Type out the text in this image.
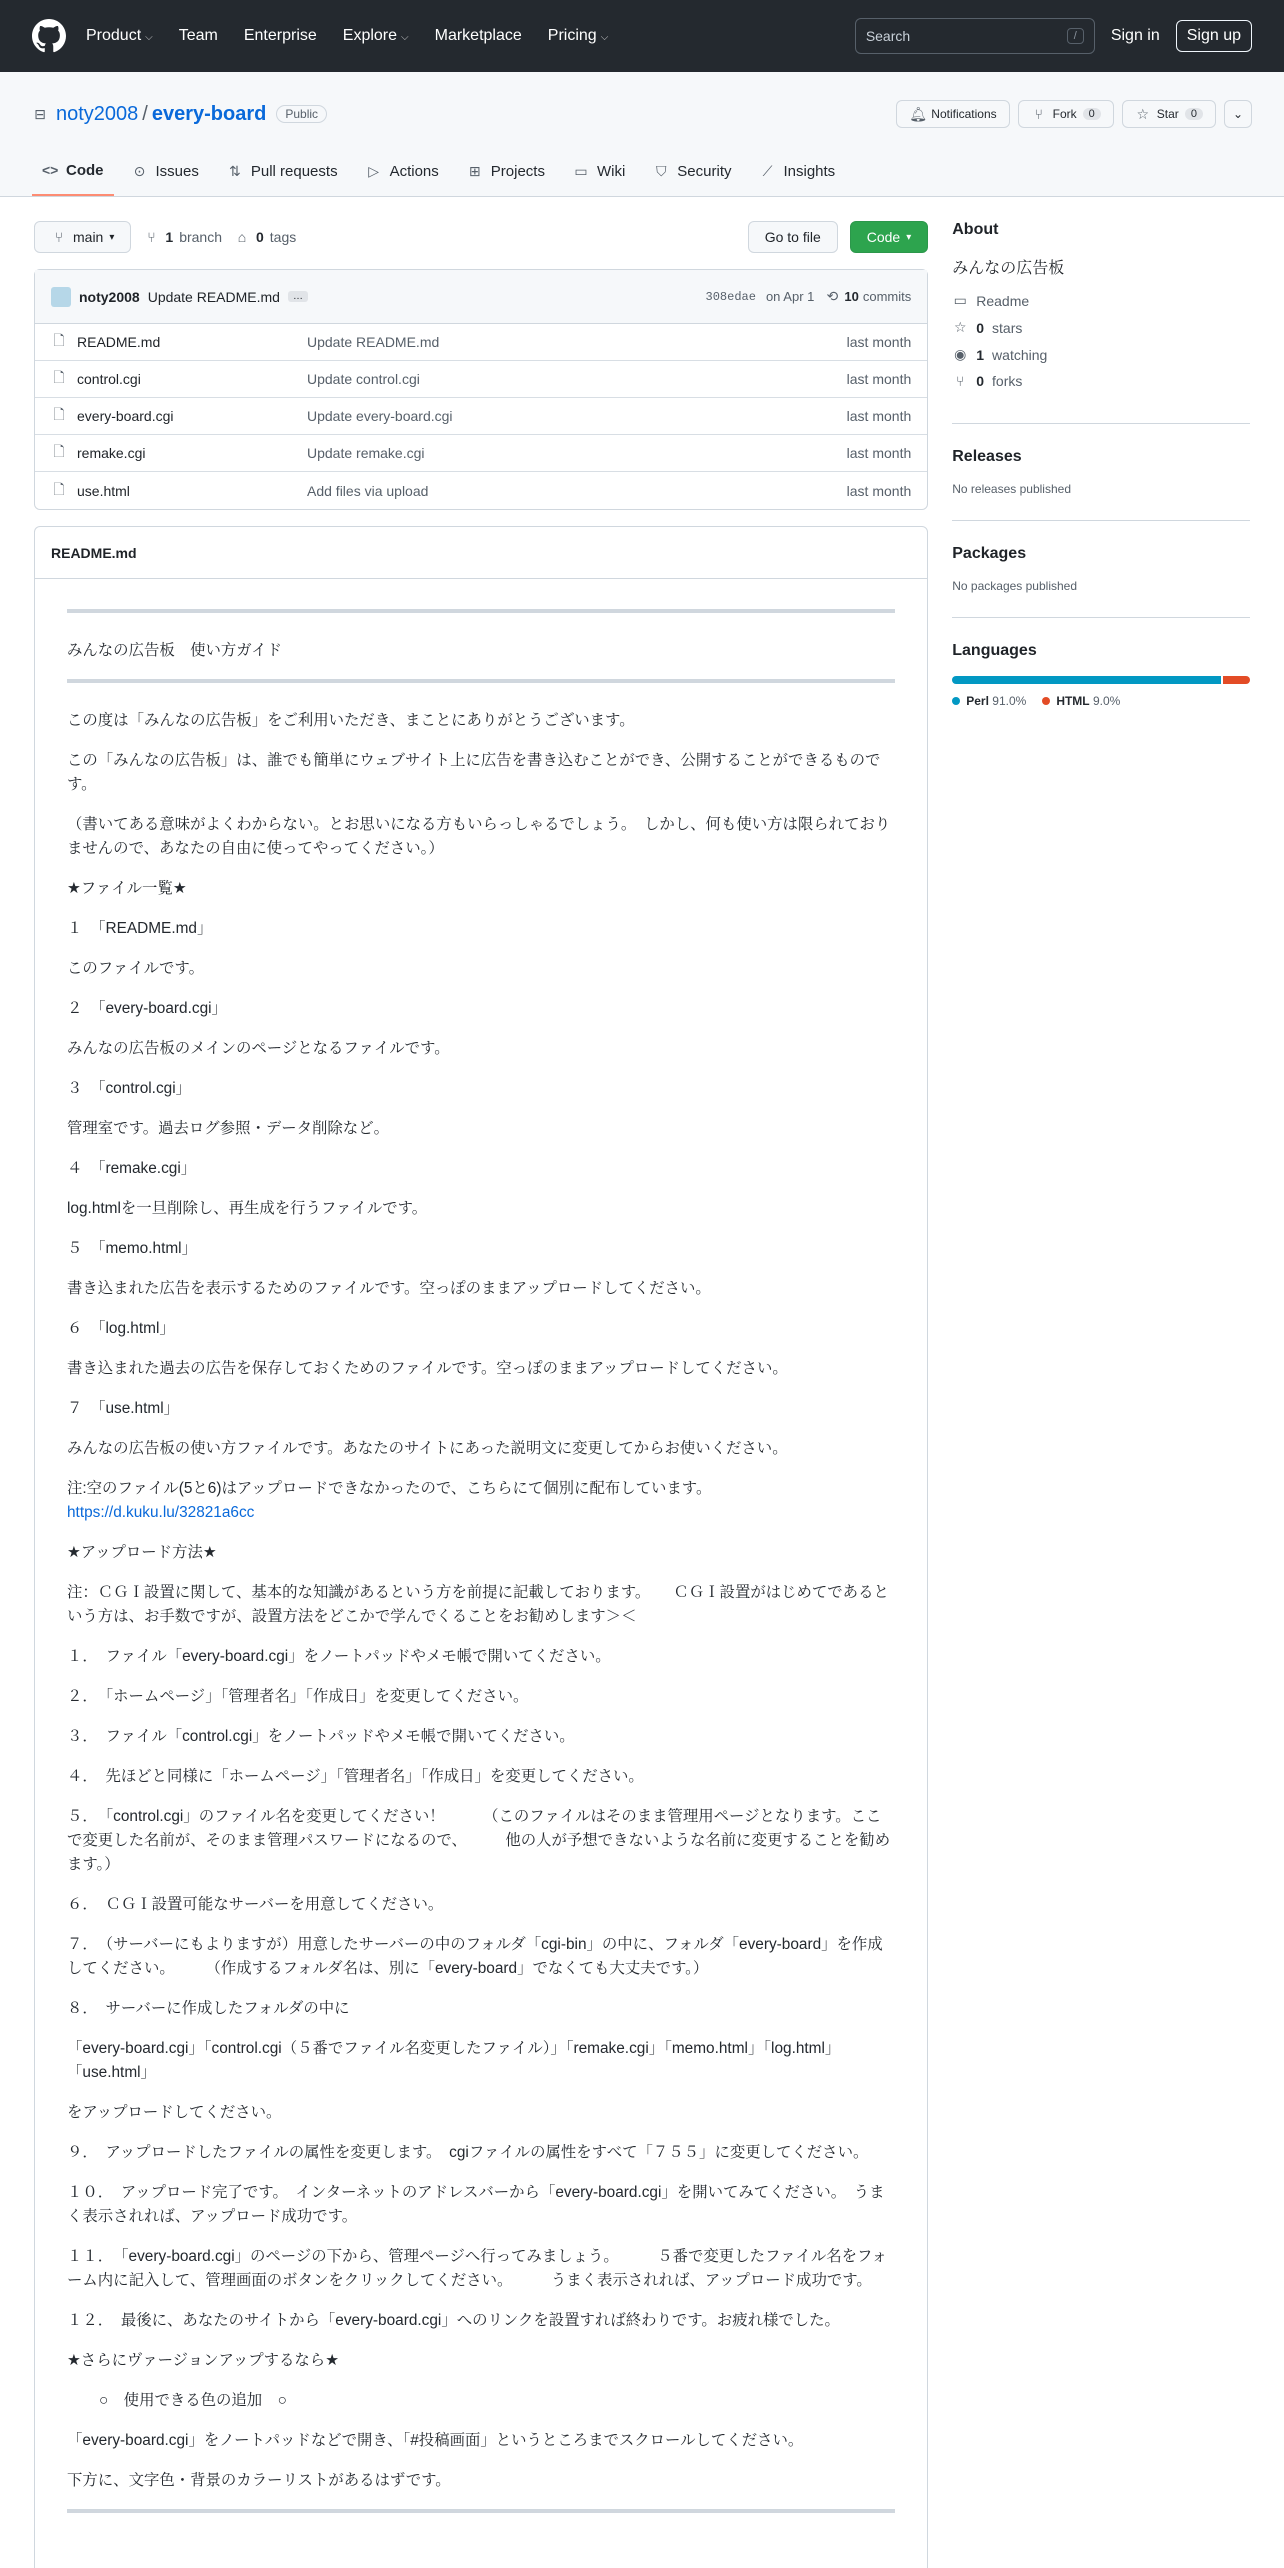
Product ⌵ Team Enterprise Explore ⌵ Marketplace Pricing ⌵	Search	/	Sign in	Sign up
⊟ noty2008 / every-board	Public	🔔︎ Notifications	⑂ Fork	0	☆ Star	0	⌄
<> Code ⊙ Issues ⇅ Pull requests ▷ Actions ⊞ Projects ▭ Wiki ⛉ Security ⟋ Insights
⑂ main ▾ ⑂ 1 branch ⌂ 0 tags	Go to file	Code ▾
noty2008 Update README.md	…	308edae on Apr 1 ⟲ 10 commits
🗋︎ README.md	Update README.md	last month
🗋︎ control.cgi	Update control.cgi	last month
🗋︎ every-board.cgi	Update every-board.cgi	last month
🗋︎ remake.cgi	Update remake.cgi	last month
🗋︎ use.html	Add files via upload	last month
README.md

みんなの広告板　使い方ガイド

この度は「みんなの広告板」をご利用いただき、まことにありがとうございます。

この「みんなの広告板」は、誰でも簡単にウェブサイト上に広告を書き込むことができ、公開することができるものです。

（書いてある意味がよくわからない。とお思いになる方もいらっしゃるでしょう。　しかし、何も使い方は限られておりませんので、あなたの自由に使ってやってください。）

★ファイル一覧★

１　「README.md」

このファイルです。

２　「every-board.cgi」

みんなの広告板のメインのページとなるファイルです。

３　「control.cgi」

管理室です。過去ログ参照・データ削除など。

４　「remake.cgi」

log.htmlを一旦削除し、再生成を行うファイルです。

５　「memo.html」

書き込まれた広告を表示するためのファイルです。空っぽのままアップロードしてください。

６　「log.html」

書き込まれた過去の広告を保存しておくためのファイルです。空っぽのままアップロードしてください。

７　「use.html」

みんなの広告板の使い方ファイルです。あなたのサイトにあった説明文に変更してからお使いください。

注:空のファイル(5と6)はアップロードできなかったので、こちらにて個別に配布しています。
https://d.kuku.lu/32821a6cc

★アップロード方法★

注：ＣＧＩ設置に関して、基本的な知識があるという方を前提に記載しております。　　ＣＧＩ設置がはじめてであるという方は、お手数ですが、設置方法をどこかで学んでくることをお勧めします＞＜

１．　ファイル「every-board.cgi」をノートパッドやメモ帳で開いてください。

２．　「ホームページ」「管理者名」「作成日」を変更してください。

３．　ファイル「control.cgi」をノートパッドやメモ帳で開いてください。

４．　先ほどと同様に「ホームページ」「管理者名」「作成日」を変更してください。

５．　「control.cgi」のファイル名を変更してください！　　　（このファイルはそのまま管理用ページとなります。ここで変更した名前が、そのまま管理パスワードになるので、　　　他の人が予想できないような名前に変更することを勧めます。）

６．　ＣＧＩ設置可能なサーバーを用意してください。

７．　（サーバーにもよりますが）用意したサーバーの中のフォルダ「cgi-bin」の中に、フォルダ「every-board」を作成してください。　　　（作成するフォルダ名は、別に「every-board」でなくても大丈夫です。）

８．　サーバーに作成したフォルダの中に

「every-board.cgi」「control.cgi（５番でファイル名変更したファイル）」「remake.cgi」「memo.html」「log.html」「use.html」

をアップロードしてください。

９．　アップロードしたファイルの属性を変更します。　cgiファイルの属性をすべて「７５５」に変更してください。

１０．　アップロード完了です。　インターネットのアドレスバーから「every-board.cgi」を開いてみてください。　うまく表示されれば、アップロード成功です。

１１．　「every-board.cgi」のページの下から、管理ページへ行ってみましょう。　　　５番で変更したファイル名をフォーム内に記入して、管理画面のボタンをクリックしてください。　　　うまく表示されれば、アップロード成功です。

１２．　最後に、あなたのサイトから「every-board.cgi」へのリンクを設置すれば終わりです。お疲れ様でした。

★さらにヴァージョンアップするなら★

○　使用できる色の追加　○

「every-board.cgi」をノートパッドなどで開き、「#投稿画面」というところまでスクロールしてください。

下方に、文字色・背景のカラーリストがあるはずです。

About
みんなの広告板
▭ Readme
☆ 0 stars
◉ 1 watching
⑂ 0 forks
Releases
No releases published
Packages
No packages published
Languages
Perl 91.0%	HTML 9.0%
